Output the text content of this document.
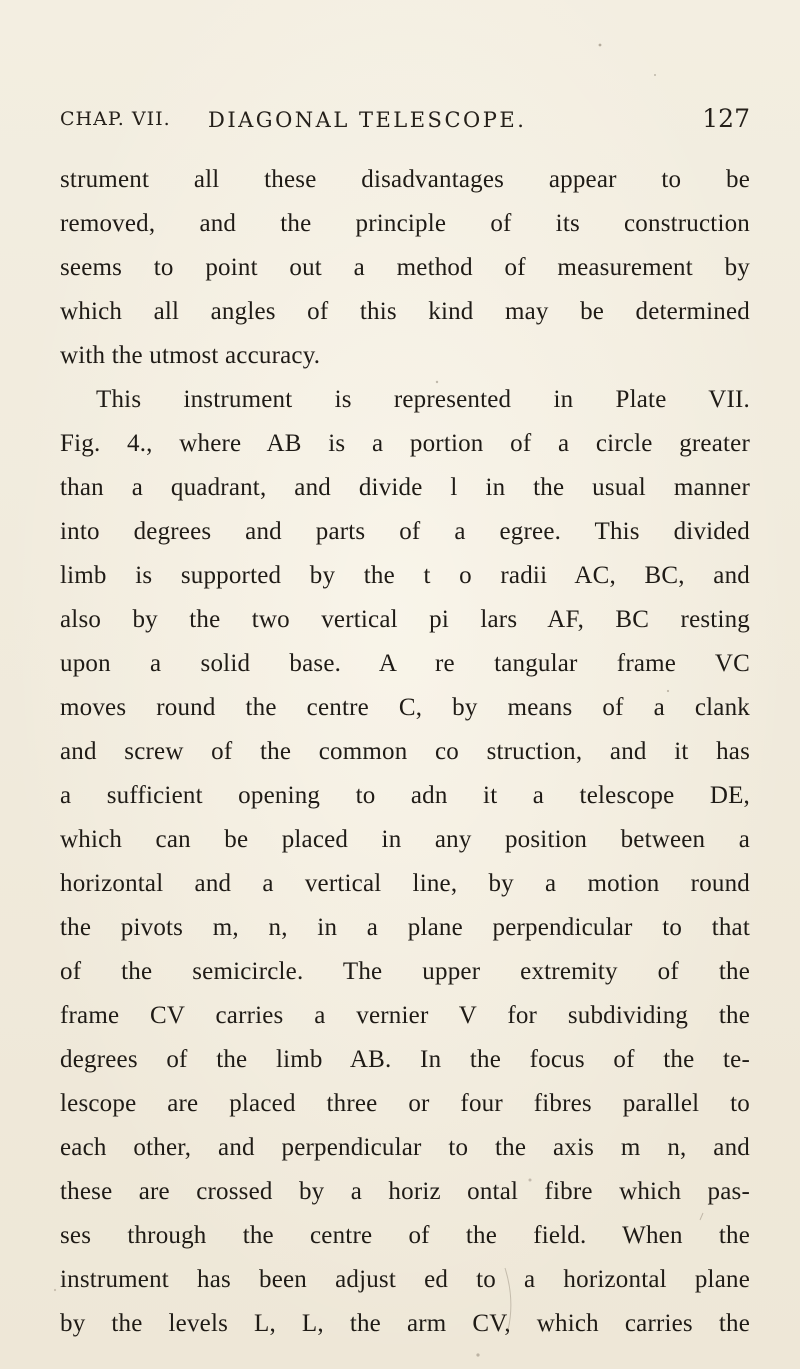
CHAP. VII. DIAGONAL TELESCOPE.	127
strument all these disadvantages appear to be
removed, and the principle of its construction
seems to point out a method of measurement by
which all angles of this kind may be determined
with the utmost accuracy.
This instrument is represented in Plate VII.
Fig. 4., where AB is a portion of a circle greater
than a quadrant, and divide l in the usual manner
into degrees and parts of a egree. This divided
limb is supported by the t o radii AC, BC, and
also by the two vertical pi lars AF, BC resting
upon a solid base. A re tangular frame VC
moves round the centre C, by means of a clank
and screw of the common co struction, and it has
a sufficient opening to adn it a telescope DE,
which can be placed in any position between a
horizontal and a vertical line, by a motion round
the pivots m, n, in a plane perpendicular to that
of the semicircle. The upper extremity of the
frame CV carries a vernier V for subdividing the
degrees of the limb AB. In the focus of the te-
lescope are placed three or four fibres parallel to
each other, and perpendicular to the axis m n, and
these are crossed by a horiz ontal fibre which pas-
ses through the centre of the field. When the
instrument has been adjust ed to a horizontal plane
by the levels L, L, the arm CV, which carries the
